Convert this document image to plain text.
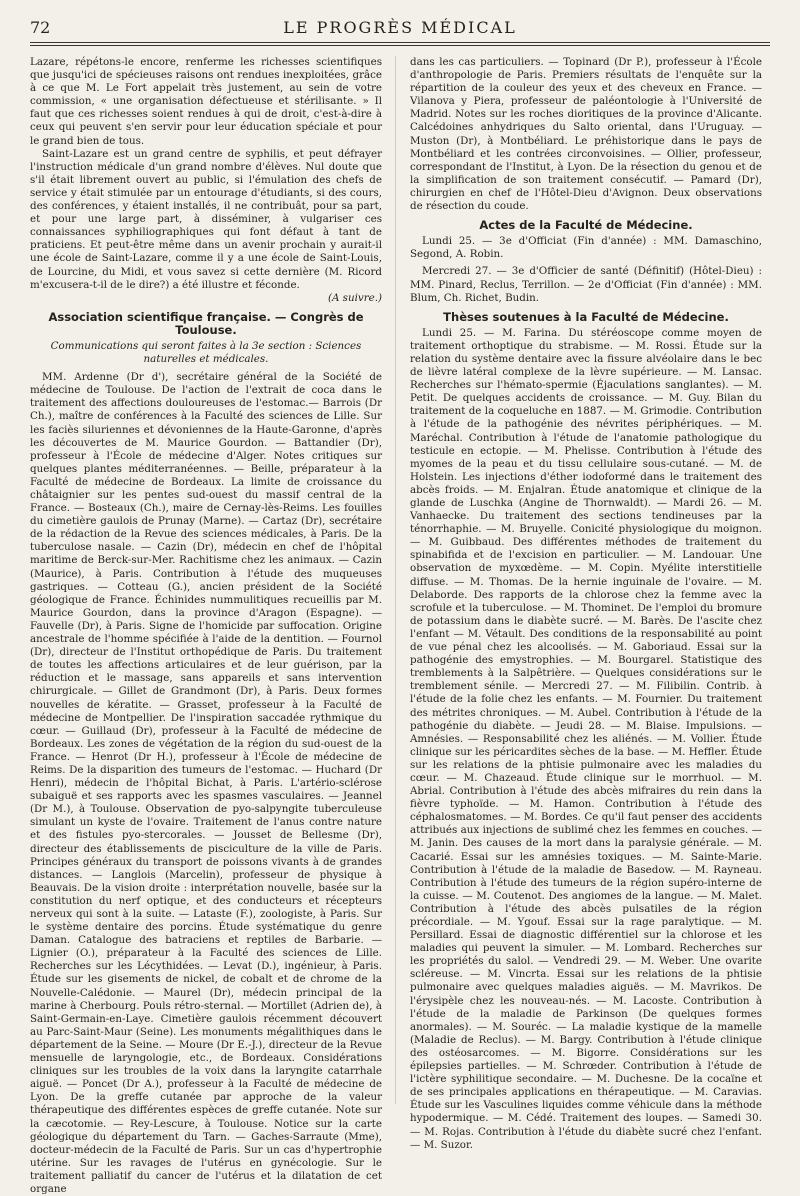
72	LE PROGRÈS MÉDICAL

Lazare, répétons-le encore, renferme les richesses scientifiques que jusqu'ici de spécieuses raisons ont rendues inexploitées, grâce à ce que M. Le Fort appelait très justement, au sein de votre commission, « une organisation défectueuse et stérilisante. » Il faut que ces richesses soient rendues à qui de droit, c'est-à-dire à ceux qui peuvent s'en servir pour leur éducation spéciale et pour le grand bien de tous.

Saint-Lazare est un grand centre de syphilis, et peut défrayer l'instruction médicale d'un grand nombre d'élèves. Nul doute que s'il était librement ouvert au public, si l'émulation des chefs de service y était stimulée par un entourage d'étudiants, si des cours, des conférences, y étaient installés, il ne contribuât, pour sa part, et pour une large part, à disséminer, à vulgariser ces connaissances syphiliographiques qui font défaut à tant de praticiens. Et peut-être même dans un avenir prochain y aurait-il une école de Saint-Lazare, comme il y a une école de Saint-Louis, de Lourcine, du Midi, et vous savez si cette dernière (M. Ricord m'excusera-t-il de le dire?) a été illustre et féconde.

(A suivre.)
Association scientifique française. — Congrès de Toulouse.

Communications qui seront faites à la 3e section : Sciences naturelles et médicales.

MM. Ardenne (Dr d'), secrétaire général de la Société de médecine de Toulouse. De l'action de l'extrait de coca dans le traitement des affections douloureuses de l'estomac.— Barrois (Dr Ch.), maître de conférences à la Faculté des sciences de Lille. Sur les faciès siluriennes et dévoniennes de la Haute-Garonne, d'après les découvertes de M. Maurice Gourdon. — Battandier (Dr), professeur à l'École de médecine d'Alger. Notes critiques sur quelques plantes méditerranéennes. — Beille, préparateur à la Faculté de médecine de Bordeaux. La limite de croissance du châtaignier sur les pentes sud-ouest du massif central de la France. — Bosteaux (Ch.), maire de Cernay-lès-Reims. Les fouilles du cimetière gaulois de Prunay (Marne). — Cartaz (Dr), secrétaire de la rédaction de la Revue des sciences médicales, à Paris. De la tuberculose nasale. — Cazin (Dr), médecin en chef de l'hôpital maritime de Berck-sur-Mer. Rachitisme chez les animaux. — Cazin (Maurice), à Paris. Contribution à l'étude des muqueuses gastriques. — Cotteau (G.), ancien président de la Société géologique de France. Échinides nummulitiques recueillis par M. Maurice Gourdon, dans la province d'Aragon (Espagne). — Fauvelle (Dr), à Paris. Signe de l'homicide par suffocation. Origine ancestrale de l'homme spécifiée à l'aide de la dentition. — Fournol (Dr), directeur de l'Institut orthopédique de Paris. Du traitement de toutes les affections articulaires et de leur guérison, par la réduction et le massage, sans appareils et sans intervention chirurgicale. — Gillet de Grandmont (Dr), à Paris. Deux formes nouvelles de kératite. — Grasset, professeur à la Faculté de médecine de Montpellier. De l'inspiration saccadée rythmique du cœur. — Guillaud (Dr), professeur à la Faculté de médecine de Bordeaux. Les zones de végétation de la région du sud-ouest de la France. — Henrot (Dr H.), professeur à l'École de médecine de Reims. De la disparition des tumeurs de l'estomac. — Huchard (Dr Henri), médecin de l'hôpital Bichat, à Paris. L'artério-sclérose subaiguë et ses rapports avec les spasmes vasculaires. — Jeannel (Dr M.), à Toulouse. Observation de pyo-salpyngite tuberculeuse simulant un kyste de l'ovaire. Traitement de l'anus contre nature et des fistules pyo-stercorales. — Jousset de Bellesme (Dr), directeur des établissements de pisciculture de la ville de Paris. Principes généraux du transport de poissons vivants à de grandes distances. — Langlois (Marcelin), professeur de physique à Beauvais. De la vision droite : interprétation nouvelle, basée sur la constitution du nerf optique, et des conducteurs et récepteurs nerveux qui sont à la suite. — Lataste (F.), zoologiste, à Paris. Sur le système dentaire des porcins. Étude systématique du genre Daman. Catalogue des batraciens et reptiles de Barbarie. — Lignier (O.), préparateur à la Faculté des sciences de Lille. Recherches sur les Lécythidées. — Levat (D.), ingénieur, à Paris. Étude sur les gisements de nickel, de cobalt et de chrome de la Nouvelle-Calédonie. — Maurel (Dr), médecin principal de la marine à Cherbourg. Pouls rétro-sternal. — Mortillet (Adrien de), à Saint-Germain-en-Laye. Cimetière gaulois récemment découvert au Parc-Saint-Maur (Seine). Les monuments mégalithiques dans le département de la Seine. — Moure (Dr E.-J.), directeur de la Revue mensuelle de laryngologie, etc., de Bordeaux. Considérations cliniques sur les troubles de la voix dans la laryngite catarrhale aiguë. — Poncet (Dr A.), professeur à la Faculté de médecine de Lyon. De la greffe cutanée par approche de la valeur thérapeutique des différentes espèces de greffe cutanée. Note sur la cæcotomie. — Rey-Lescure, à Toulouse. Notice sur la carte géologique du département du Tarn. — Gaches-Sarraute (Mme), docteur-médecin de la Faculté de Paris. Sur un cas d'hypertrophie utérine. Sur les ravages de l'utérus en gynécologie. Sur le traitement palliatif du cancer de l'utérus et la dilatation de cet organe

dans les cas particuliers. — Topinard (Dr P.), professeur à l'École d'anthropologie de Paris. Premiers résultats de l'enquête sur la répartition de la couleur des yeux et des cheveux en France. — Vilanova y Piera, professeur de paléontologie à l'Université de Madrid. Notes sur les roches dioritiques de la province d'Alicante. Calcédoines anhydriques du Salto oriental, dans l'Uruguay. — Muston (Dr), à Montbéliard. Le préhistorique dans le pays de Montbéliard et les contrées circonvoisines. — Ollier, professeur, correspondant de l'Institut, à Lyon. De la résection du genou et de la simplification de son traitement consécutif. — Pamard (Dr), chirurgien en chef de l'Hôtel-Dieu d'Avignon. Deux observations de résection du coude.

Actes de la Faculté de Médecine.

Lundi 25. — 3e d'Officiat (Fin d'année) : MM. Damaschino, Segond, A. Robin.

Mercredi 27. — 3e d'Officier de santé (Définitif) (Hôtel-Dieu) : MM. Pinard, Reclus, Terrillon. — 2e d'Officiat (Fin d'année) : MM. Blum, Ch. Richet, Budin.

Thèses soutenues à la Faculté de Médecine.

Lundi 25. — M. Farina. Du stéréoscope comme moyen de traitement orthoptique du strabisme. — M. Rossi. Étude sur la relation du système dentaire avec la fissure alvéolaire dans le bec de lièvre latéral complexe de la lèvre supérieure. — M. Lansac. Recherches sur l'hémato-spermie (Éjaculations sanglantes). — M. Petit. De quelques accidents de croissance. — M. Guy. Bilan du traitement de la coqueluche en 1887. — M. Grimodie. Contribution à l'étude de la pathogénie des névrites périphériques. — M. Maréchal. Contribution à l'étude de l'anatomie pathologique du testicule en ectopie. — M. Phelisse. Contribution à l'étude des myomes de la peau et du tissu cellulaire sous-cutané. — M. de Holstein. Les injections d'éther iodoformé dans le traitement des abcès froids. — M. Enjalran. Étude anatomique et clinique de la glande de Luschka (Angine de Thornwaldt). — Mardi 26. — M. Vanhaecke. Du traitement des sections tendineuses par la ténorrhaphie. — M. Bruyelle. Conicité physiologique du moignon. — M. Guibbaud. Des différentes méthodes de traitement du spinabifida et de l'excision en particulier. — M. Landouar. Une observation de myxœdème. — M. Copin. Myélite interstitielle diffuse. — M. Thomas. De la hernie inguinale de l'ovaire. — M. Delaborde. Des rapports de la chlorose chez la femme avec la scrofule et la tuberculose. — M. Thominet. De l'emploi du bromure de potassium dans le diabète sucré. — M. Barès. De l'ascite chez l'enfant — M. Vétault. Des conditions de la responsabilité au point de vue pénal chez les alcoolisés. — M. Gaboriaud. Essai sur la pathogénie des emystrophies. — M. Bourgarel. Statistique des tremblements à la Salpêtrière. — Quelques considérations sur le tremblement sénile. — Mercredi 27. — M. Filibilin. Contrib. à l'étude de la folie chez les enfants. — M. Fournier. Du traitement des métrites chroniques. — M. Aubel. Contribution à l'étude de la pathogénie du diabète. — Jeudi 28. — M. Blaise. Impulsions. — Amnésies. — Responsabilité chez les aliénés. — M. Vollier. Étude clinique sur les péricardites sèches de la base. — M. Heffler. Étude sur les relations de la phtisie pulmonaire avec les maladies du cœur. — M. Chazeaud. Étude clinique sur le morrhuol. — M. Abrial. Contribution à l'étude des abcès mifraires du rein dans la fièvre typhoïde. — M. Hamon. Contribution à l'étude des céphalosmatomes. — M. Bordes. Ce qu'il faut penser des accidents attribués aux injections de sublimé chez les femmes en couches. — M. Janin. Des causes de la mort dans la paralysie générale. — M. Cacarié. Essai sur les amnésies toxiques. — M. Sainte-Marie. Contribution à l'étude de la maladie de Basedow. — M. Rayneau. Contribution à l'étude des tumeurs de la région supéro-interne de la cuisse. — M. Coutenot. Des angiomes de la langue. — M. Malet. Contribution à l'étude des abcès pulsatiles de la région précordiale. — M. Ygouf. Essai sur la rage paralytique. — M. Persillard. Essai de diagnostic différentiel sur la chlorose et les maladies qui peuvent la simuler. — M. Lombard. Recherches sur les propriétés du salol. — Vendredi 29. — M. Weber. Une ovarite scléreuse. — M. Vincrta. Essai sur les relations de la phtisie pulmonaire avec quelques maladies aiguës. — M. Mavrikos. De l'érysipèle chez les nouveau-nés. — M. Lacoste. Contribution à l'étude de la maladie de Parkinson (De quelques formes anormales). — M. Souréc. — La maladie kystique de la mamelle (Maladie de Reclus). — M. Bargy. Contribution à l'étude clinique des ostéosarcomes. — M. Bigorre. Considérations sur les épilepsies partielles. — M. Schrœder. Contribution à l'étude de l'ictère syphilitique secondaire. — M. Duchesne. De la cocaïne et de ses principales applications en thérapeutique. — M. Caravias. Étude sur les Vasculines liquides comme véhicule dans la méthode hypodermique. — M. Cédé. Traitement des loupes. — Samedi 30. — M. Rojas. Contribution à l'étude du diabète sucré chez l'enfant. — M. Suzor.
